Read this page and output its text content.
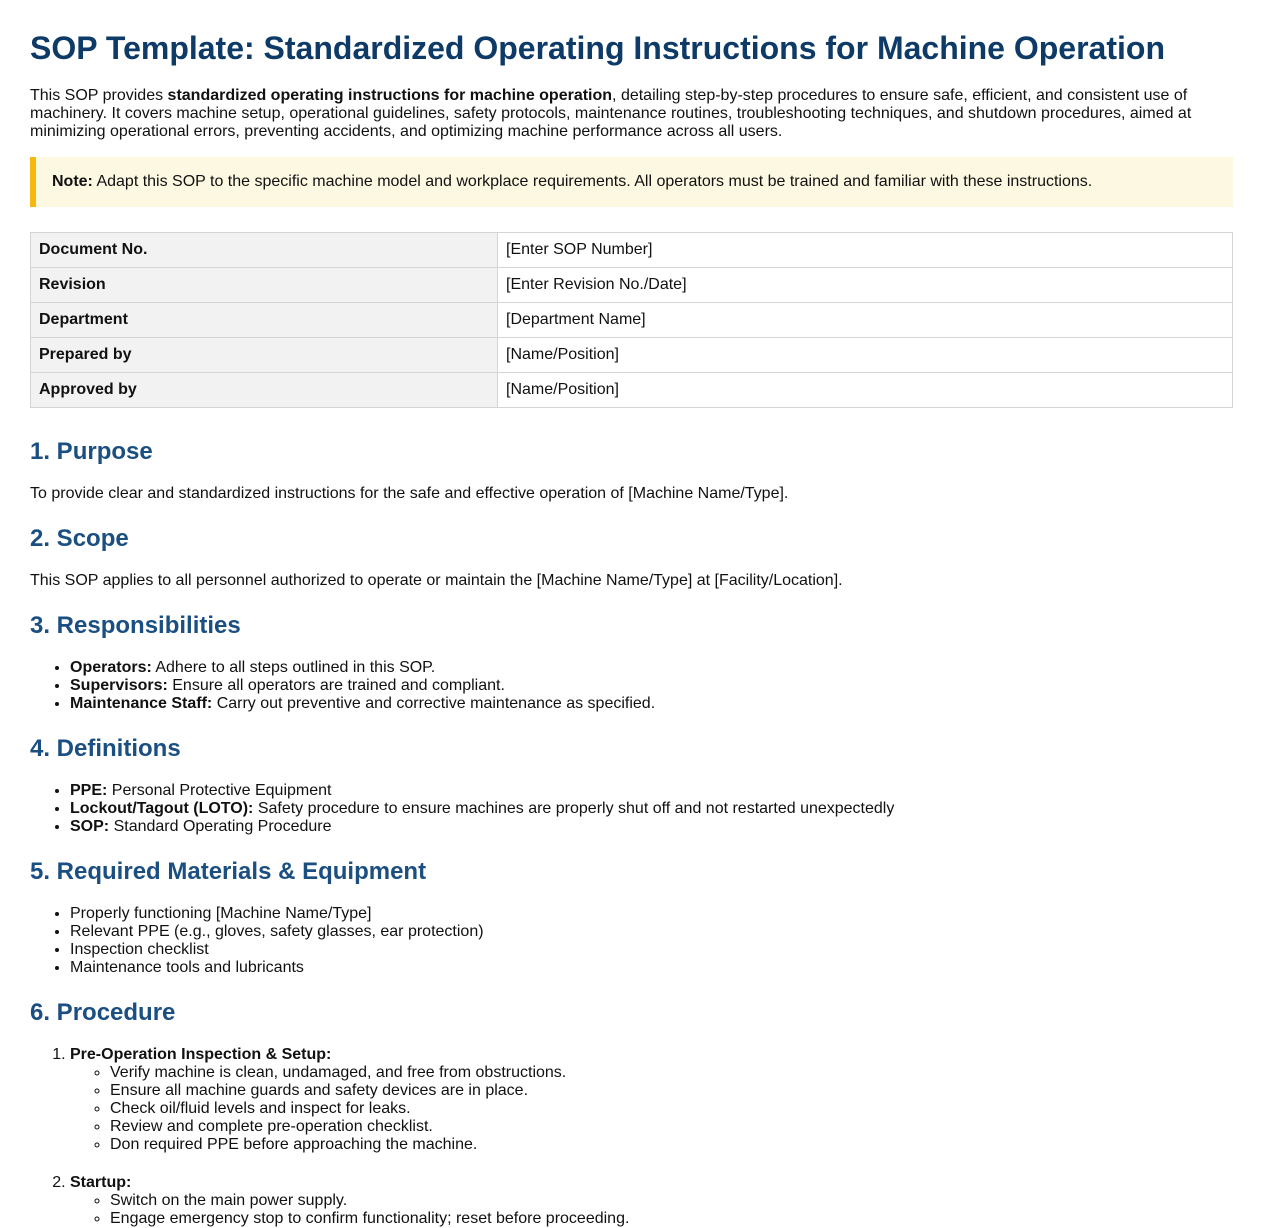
SOP Template: Standardized Operating Instructions for Machine Operation

This SOP provides standardized operating instructions for machine operation, detailing step-by-step procedures to ensure safe, efficient, and consistent use of machinery. It covers machine setup, operational guidelines, safety protocols, maintenance routines, troubleshooting techniques, and shutdown procedures, aimed at minimizing operational errors, preventing accidents, and optimizing machine performance across all users.

Note: Adapt this SOP to the specific machine model and workplace requirements. All operators must be trained and familiar with these instructions.
Document No.	[Enter SOP Number]
Revision	[Enter Revision No./Date]
Department	[Department Name]
Prepared by	[Name/Position]
Approved by	[Name/Position]
1. Purpose

To provide clear and standardized instructions for the safe and effective operation of [Machine Name/Type].

2. Scope

This SOP applies to all personnel authorized to operate or maintain the [Machine Name/Type] at [Facility/Location].

3. Responsibilities
• Operators: Adhere to all steps outlined in this SOP.
• Supervisors: Ensure all operators are trained and compliant.
• Maintenance Staff: Carry out preventive and corrective maintenance as specified.
4. Definitions
• PPE: Personal Protective Equipment
• Lockout/Tagout (LOTO): Safety procedure to ensure machines are properly shut off and not restarted unexpectedly
• SOP: Standard Operating Procedure
5. Required Materials & Equipment
• Properly functioning [Machine Name/Type]
• Relevant PPE (e.g., gloves, safety glasses, ear protection)
• Inspection checklist
• Maintenance tools and lubricants
6. Procedure
1. Pre-Operation Inspection & Setup:
◦ Verify machine is clean, undamaged, and free from obstructions.
◦ Ensure all machine guards and safety devices are in place.
◦ Check oil/fluid levels and inspect for leaks.
◦ Review and complete pre-operation checklist.
◦ Don required PPE before approaching the machine.
2. Startup:
◦ Switch on the main power supply.
◦ Engage emergency stop to confirm functionality; reset before proceeding.
